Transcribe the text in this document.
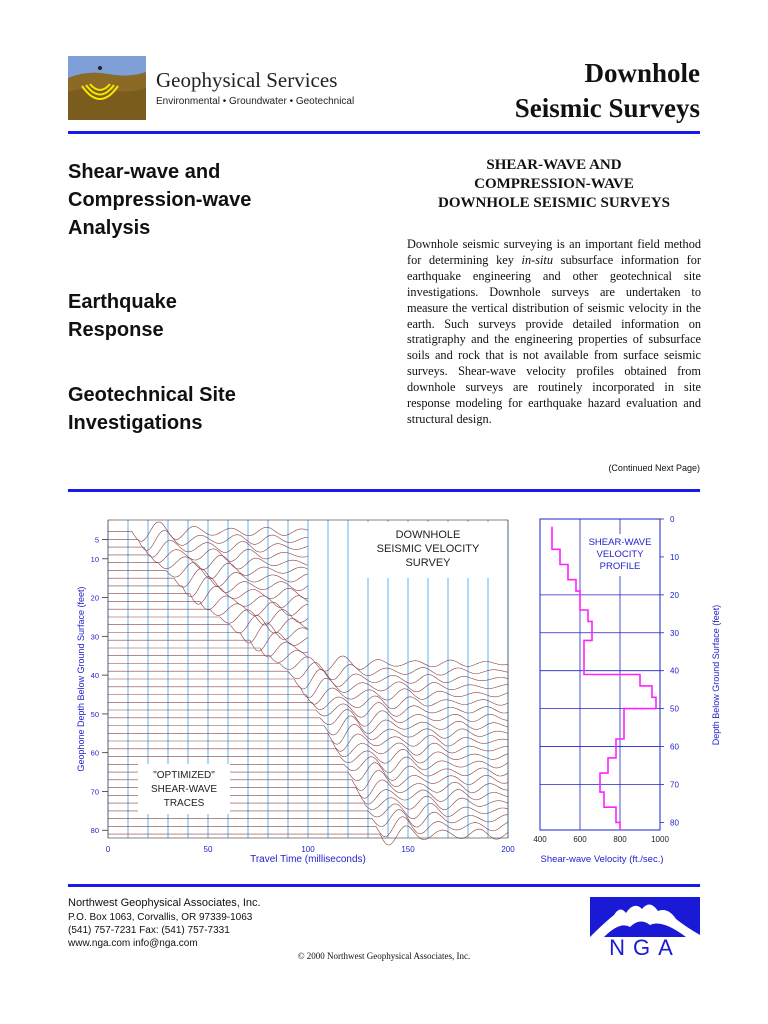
Geophysical Services
Environmental • Groundwater • Geotechnical
Downhole
Seismic Surveys
Shear-wave and
Compression-wave
Analysis
Earthquake
Response
Geotechnical Site
Investigations
SHEAR-WAVE AND
COMPRESSION-WAVE
DOWNHOLE SEISMIC SURVEYS
Downhole seismic surveying is an important field method for determining key in-situ subsurface information for earthquake engineering and other geotechnical site investigations. Downhole surveys are undertaken to measure the vertical distribution of seismic velocity in the earth. Such surveys provide detailed information on stratigraphy and the engineering properties of subsurface soils and rock that is not available from surface seismic surveys. Shear-wave velocity profiles obtained from downhole surveys are routinely incorporated in site response modeling for earthquake hazard evaluation and structural design.
(Continued Next Page)
5
10
20
30
40
50
60
70
80
0	50	100	150	200
DOWNHOLE
SEISMIC VELOCITY
SURVEY
"OPTIMIZED"
SHEAR-WAVE
TRACES
Travel Time (milliseconds)
Geophone Depth Below Ground Surface (feet)
0
10
20
30
40
50
60
70
80
400	600	800	1000
SHEAR-WAVE
VELOCITY
PROFILE
Shear-wave Velocity (ft./sec.)
Depth Below Ground Surface (feet)
Northwest Geophysical Associates, Inc.
P.O. Box 1063, Corvallis, OR 97339-1063
(541) 757-7231 Fax: (541) 757-7331
www.nga.com info@nga.com
© 2000 Northwest Geophysical Associates, Inc.	NGA
